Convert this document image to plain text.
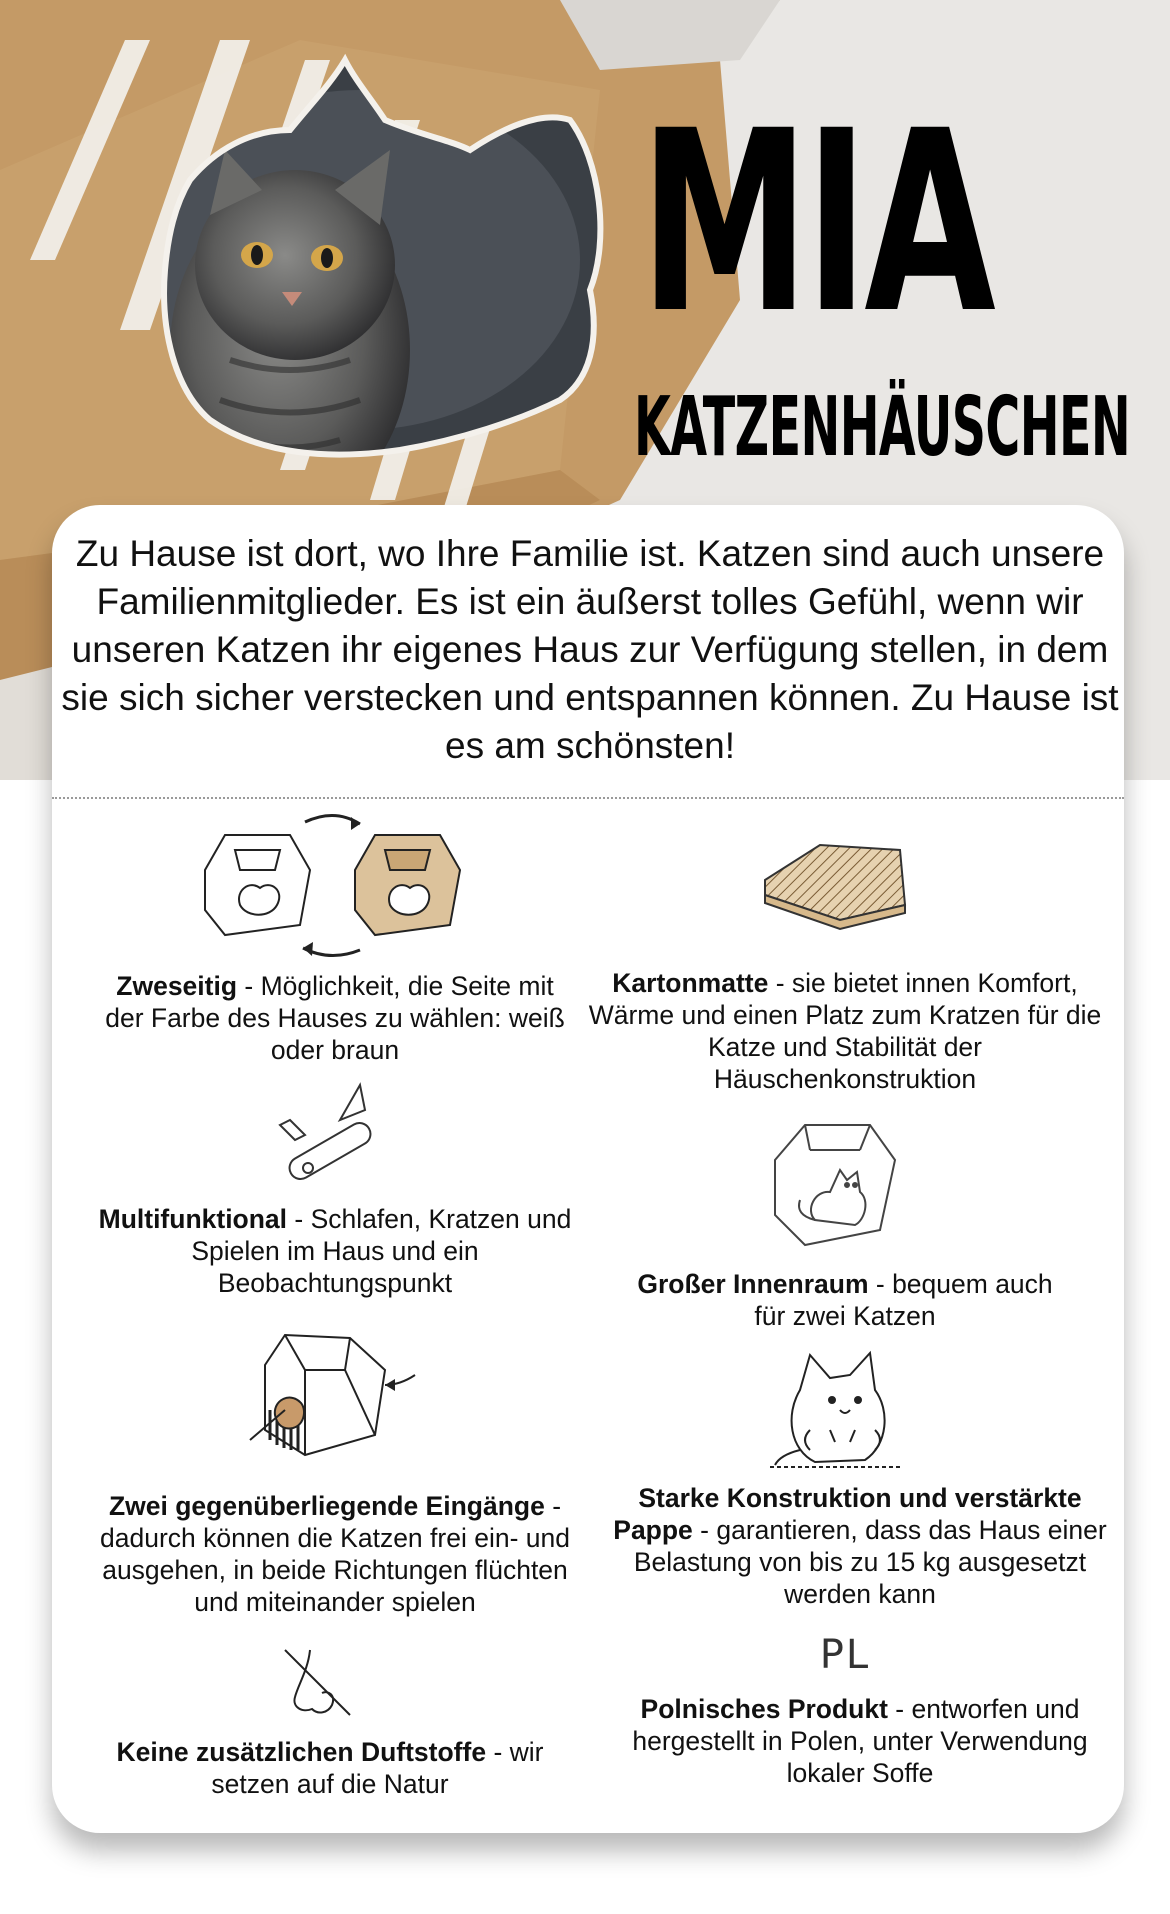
MIA
KATZENHÄUSCHEN
Zu Hause ist dort, wo Ihre Familie ist. Katzen sind auch unsere Familienmitglieder. Es ist ein äußerst tolles Gefühl, wenn wir unseren Katzen ihr eigenes Haus zur Verfügung stellen, in dem sie sich sicher verstecken und entspannen können. Zu Hause ist es am schönsten!
PL
Zweseitig - Möglichkeit, die Seite mit der Farbe des Hauses zu wählen: weiß oder braun
Kartonmatte - sie bietet innen Komfort, Wärme und einen Platz zum Kratzen für die Katze und Stabilität der Häuschenkonstruktion
Multifunktional - Schlafen, Kratzen und Spielen im Haus und ein Beobachtungspunkt	Großer Innenraum - bequem auch für zwei Katzen
Zwei gegenüberliegende Eingänge - dadurch können die Katzen frei ein- und ausgehen, in beide Richtungen flüchten und miteinander spielen
Starke Konstruktion und verstärkte Pappe - garantieren, dass das Haus einer Belastung von bis zu 15 kg ausgesetzt werden kann
Keine zusätzlichen Duftstoffe - wir setzen auf die Natur
Polnisches Produkt - entworfen und hergestellt in Polen, unter Verwendung lokaler Soffe
